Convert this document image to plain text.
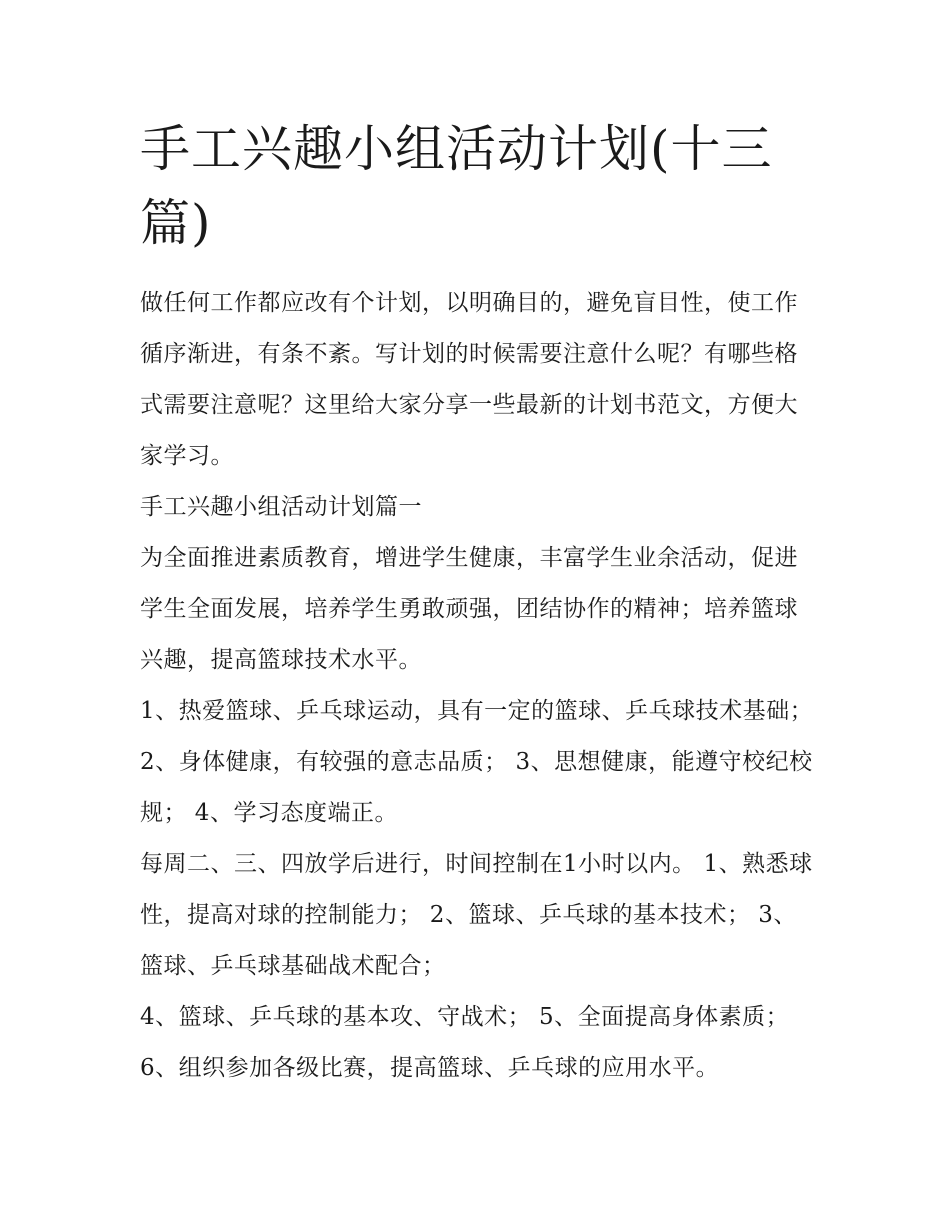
手工兴趣小组活动计划(十三篇)

做任何工作都应改有个计划，以明确目的，避免盲目性，使工作循序渐进，有条不紊。写计划的时候需要注意什么呢？有哪些格式需要注意呢？这里给大家分享一些最新的计划书范文，方便大家学习。

手工兴趣小组活动计划篇一

为全面推进素质教育，增进学生健康，丰富学生业余活动，促进学生全面发展，培养学生勇敢顽强，团结协作的精神；培养篮球兴趣，提高篮球技术水平。

1、热爱篮球、乒乓球运动，具有一定的篮球、乒乓球技术基础； 2、身体健康，有较强的意志品质； 3、思想健康，能遵守校纪校规； 4、学习态度端正。

每周二、三、四放学后进行，时间控制在1小时以内。 1、熟悉球性，提高对球的控制能力； 2、篮球、乒乓球的基本技术； 3、篮球、乒乓球基础战术配合；

4、篮球、乒乓球的基本攻、守战术； 5、全面提高身体素质； 6、组织参加各级比赛，提高篮球、乒乓球的应用水平。
